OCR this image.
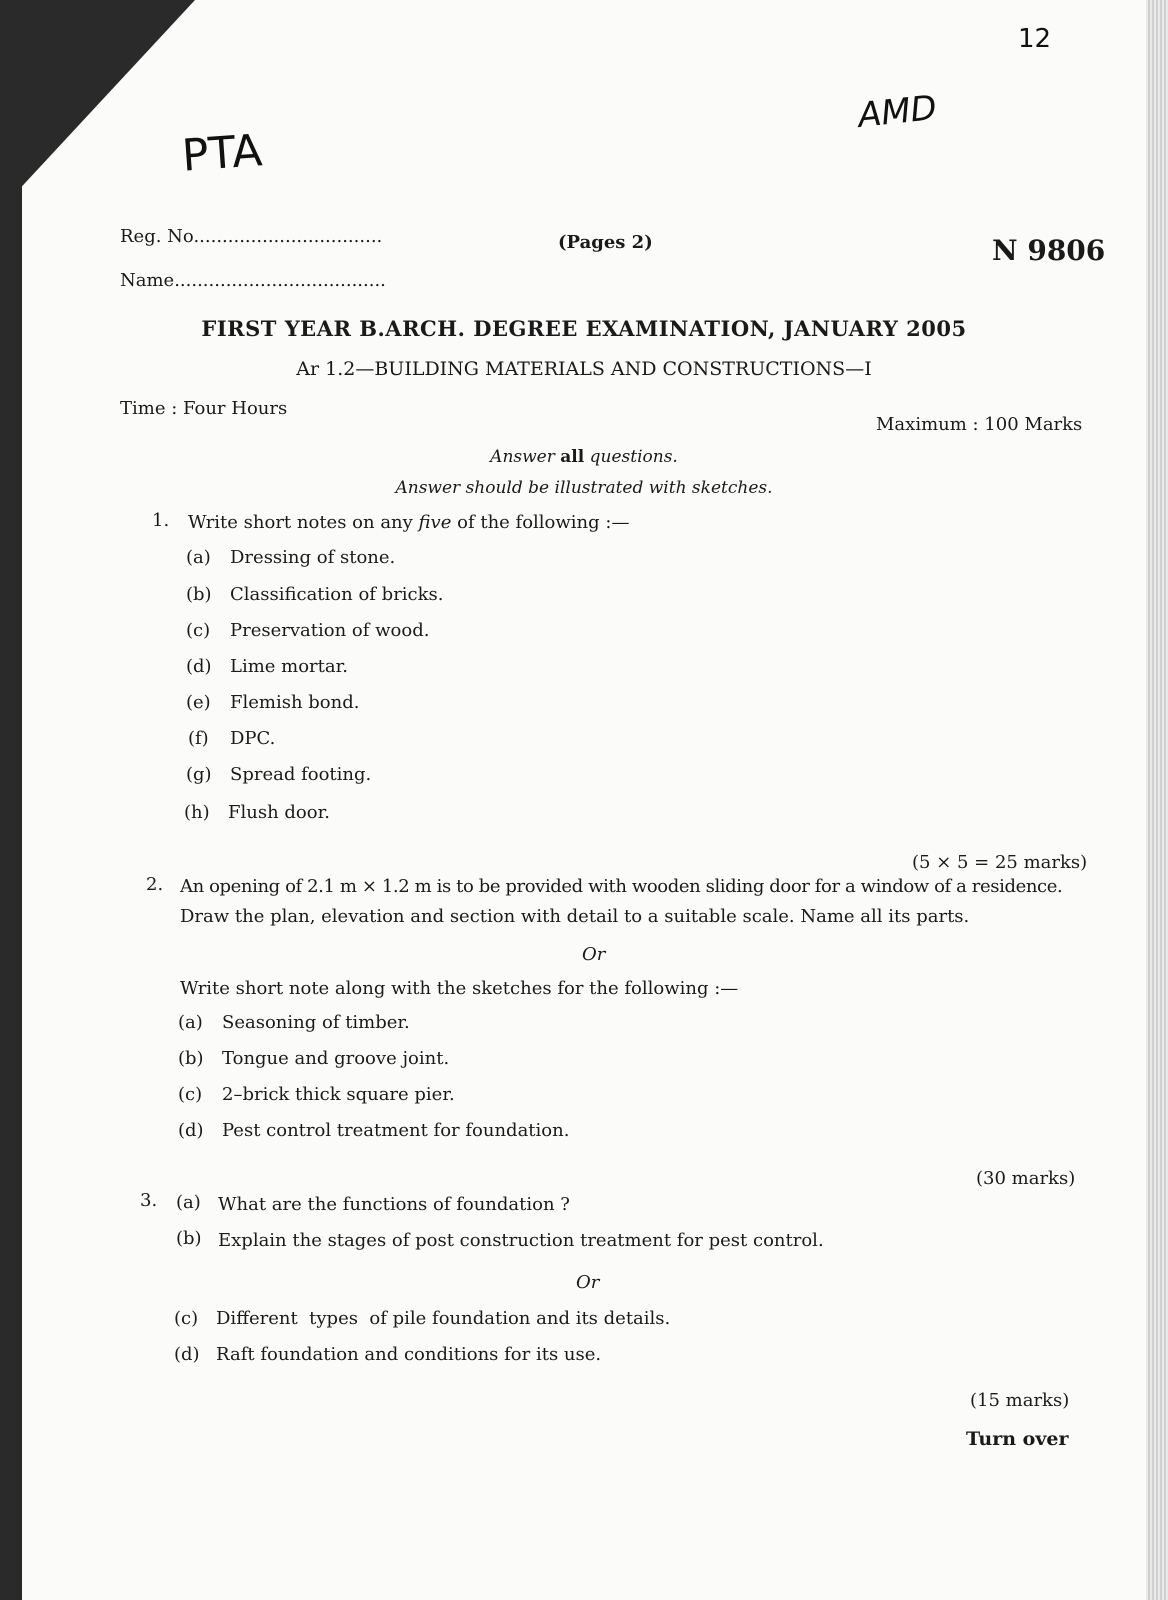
12
AMD
PTA
Reg. No.................................
Name.....................................
(Pages 2)	N 9806
FIRST YEAR B.ARCH. DEGREE EXAMINATION, JANUARY 2005
Ar 1.2—BUILDING MATERIALS AND CONSTRUCTIONS—I
Time : Four Hours
Maximum : 100 Marks
Answer all questions.
Answer should be illustrated with sketches.
1. Write short notes on any five of the following :—
(a) Dressing of stone.
(b) Classification of bricks.
(c) Preservation of wood.
(d) Lime mortar.
(e) Flemish bond.
(f) DPC.
(g) Spread footing.
(h) Flush door.
(5 × 5 = 25 marks)
2. An opening of 2.1 m × 1.2 m is to be provided with wooden sliding door for a window of a residence.
Draw the plan, elevation and section with detail to a suitable scale. Name all its parts.
Or
Write short note along with the sketches for the following :—
(a) Seasoning of timber.
(b) Tongue and groove joint.
(c) 2–brick thick square pier.
(d) Pest control treatment for foundation.
(30 marks)
3. (a) What are the functions of foundation ?
(b) Explain the stages of post construction treatment for pest control.
Or
(c) Different  types  of pile foundation and its details.
(d) Raft foundation and conditions for its use.
(15 marks)
Turn over
